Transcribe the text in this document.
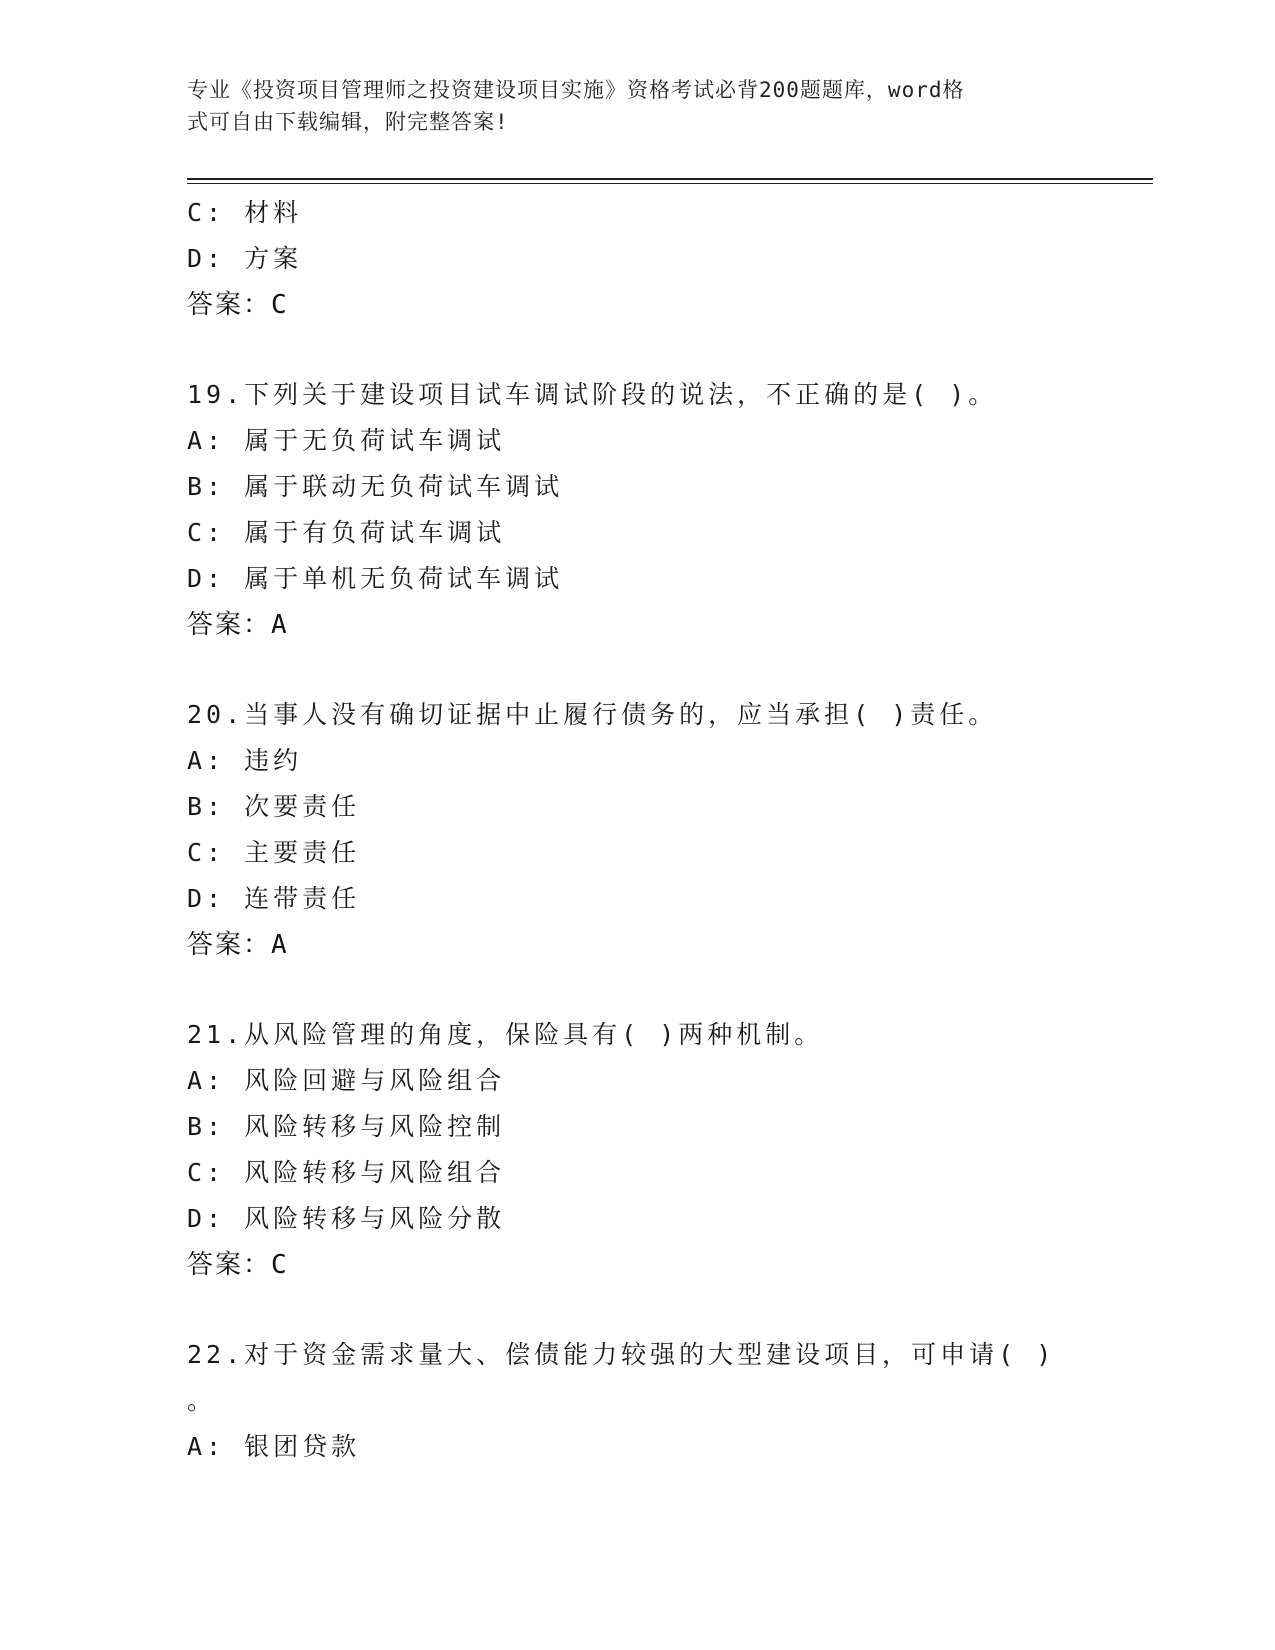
专业《投资项目管理师之投资建设项目实施》资格考试必背200题题库，word格
式可自由下载编辑，附完整答案!
C: 材料
D: 方案
答案：C
19.下列关于建设项目试车调试阶段的说法，不正确的是( )。
A: 属于无负荷试车调试
B: 属于联动无负荷试车调试
C: 属于有负荷试车调试
D: 属于单机无负荷试车调试
答案：A
20.当事人没有确切证据中止履行债务的，应当承担( )责任。
A: 违约
B: 次要责任
C: 主要责任
D: 连带责任
答案：A
21.从风险管理的角度，保险具有( )两种机制。
A: 风险回避与风险组合
B: 风险转移与风险控制
C: 风险转移与风险组合
D: 风险转移与风险分散
答案：C
22.对于资金需求量大、偿债能力较强的大型建设项目，可申请( )
。
A: 银团贷款
